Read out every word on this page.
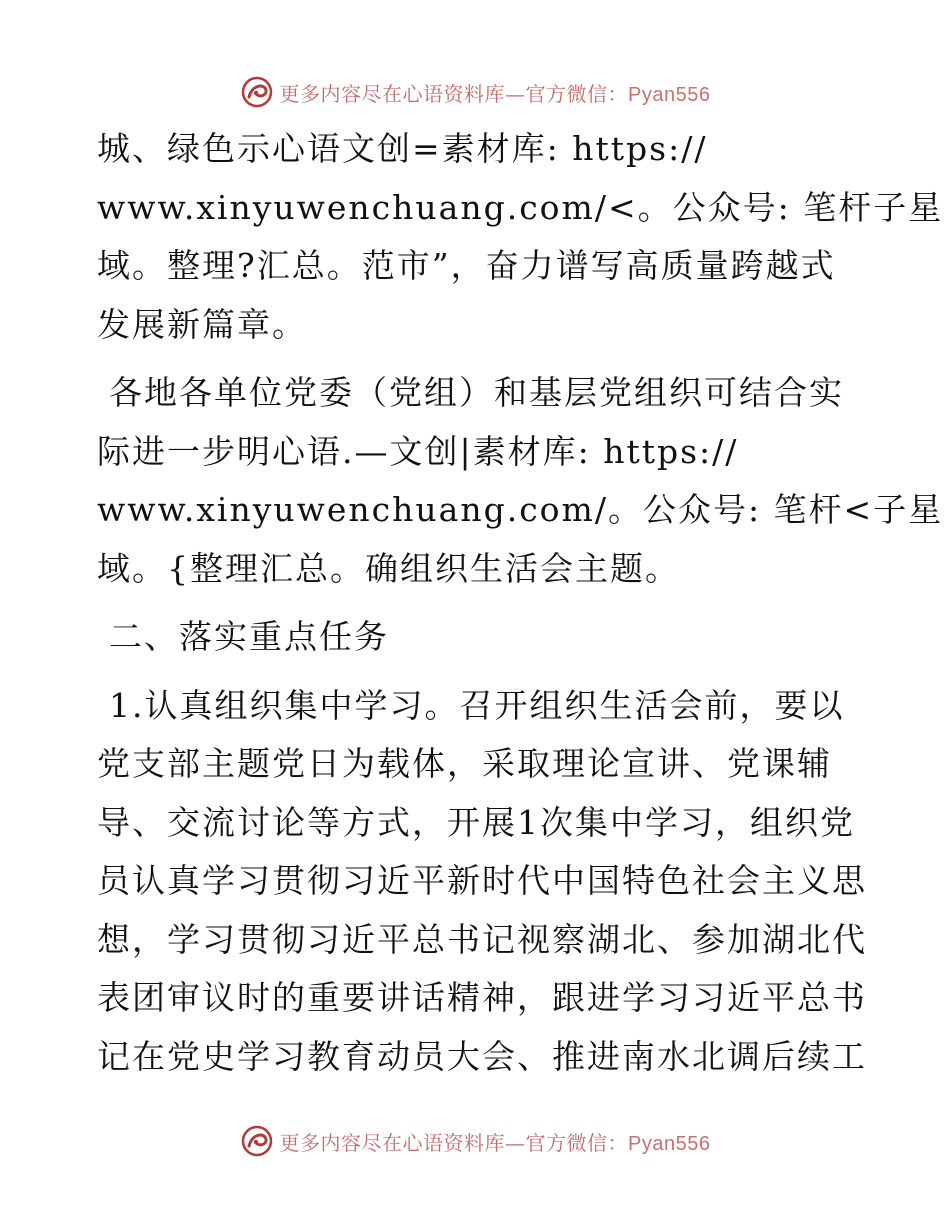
更多内容尽在心语资料库—官方微信：Pyan556
城、绿色示心语文创=素材库: https://
www.xinyuwenchuang.com/<。公众号: 笔杆子星
域。整理?汇总。范市”，奋力谱写高质量跨越式
发展新篇章。
各地各单位党委（党组）和基层党组织可结合实
际进一步明心语.—文创|素材库: https://
www.xinyuwenchuang.com/。公众号: 笔杆<子星
域。{整理汇总。确组织生活会主题。
二、落实重点任务
1.认真组织集中学习。召开组织生活会前，要以
党支部主题党日为载体，采取理论宣讲、党课辅
导、交流讨论等方式，开展1次集中学习，组织党
员认真学习贯彻习近平新时代中国特色社会主义思
想，学习贯彻习近平总书记视察湖北、参加湖北代
表团审议时的重要讲话精神，跟进学习习近平总书
记在党史学习教育动员大会、推进南水北调后续工
更多内容尽在心语资料库—官方微信：Pyan556
